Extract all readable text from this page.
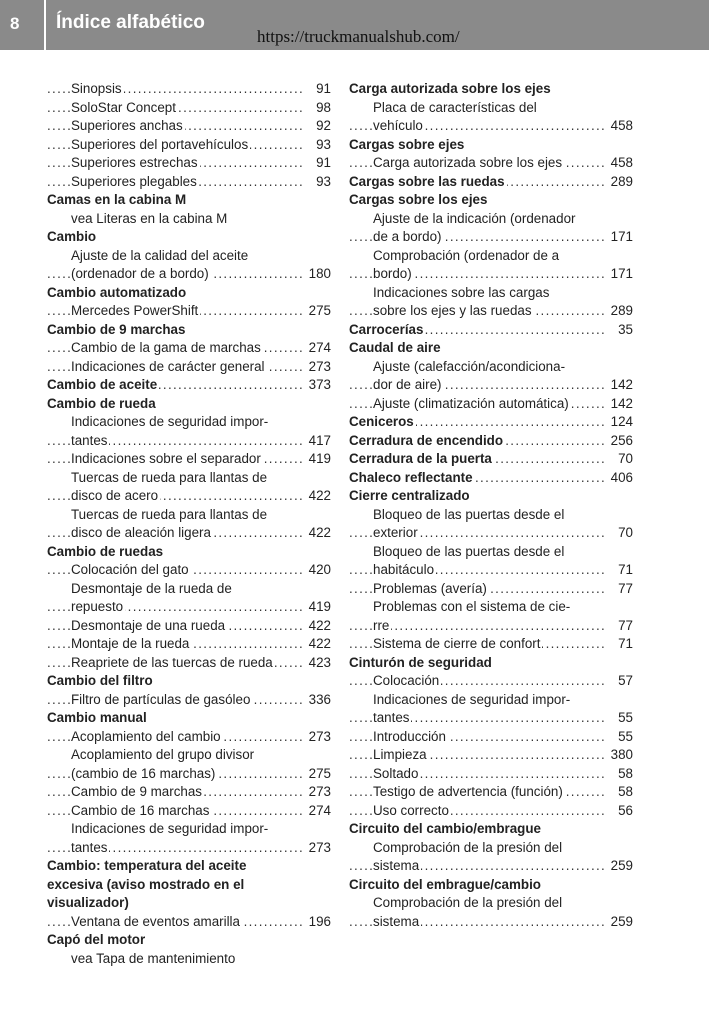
8 Índice alfabético
https://truckmanualshub.com/
. . . Sinopsis	91
. . . SoloStar Concept	98
. . . Superiores anchas	92
. . . Superiores del portavehículos	93
. . . Superiores estrechas	91
. . . Superiores plegables	93
Camas en la cabina M
vea Literas en la cabina M
Cambio
Ajuste de la calidad del aceite
. . . (ordenador de a bordo)	180
Cambio automatizado
. . . Mercedes PowerShift	275
Cambio de 9 marchas
. . . Cambio de la gama de marchas	274
. . . Indicaciones de carácter general	273
. . . Cambio de aceite	373
Cambio de rueda
Indicaciones de seguridad impor-
. . . tantes	417
. . . Indicaciones sobre el separador	419
Tuercas de rueda para llantas de
. . . disco de acero	422
Tuercas de rueda para llantas de
. . . disco de aleación ligera	422
Cambio de ruedas
. . . Colocación del gato	420
Desmontaje de la rueda de
. . . repuesto	419
. . . Desmontaje de una rueda	422
. . . Montaje de la rueda	422
. . . Reapriete de las tuercas de rueda	423
Cambio del filtro
. . . Filtro de partículas de gasóleo	336
Cambio manual
. . . Acoplamiento del cambio	273
Acoplamiento del grupo divisor
. . . (cambio de 16 marchas)	275
. . . Cambio de 9 marchas	273
. . . Cambio de 16 marchas	274
Indicaciones de seguridad impor-
. . . tantes	273
Cambio: temperatura del aceite
excesiva (aviso mostrado en el
visualizador)
. . . Ventana de eventos amarilla	196
Capó del motor
vea Tapa de mantenimiento
Carga autorizada sobre los ejes
Placa de características del
. . . vehículo	458
Cargas sobre ejes
. . . Carga autorizada sobre los ejes	458
. . . Cargas sobre las ruedas	289
Cargas sobre los ejes
Ajuste de la indicación (ordenador
. . . de a bordo)	171
Comprobación (ordenador de a
. . . bordo)	171
Indicaciones sobre las cargas
. . . sobre los ejes y las ruedas	289
. . . Carrocerías	35
Caudal de aire
Ajuste (calefacción/acondiciona-
. . . dor de aire)	142
. . . Ajuste (climatización automática)	142
. . . Ceniceros	124
. . . Cerradura de encendido	256
. . . Cerradura de la puerta	70
. . . Chaleco reflectante	406
Cierre centralizado
Bloqueo de las puertas desde el
. . . exterior	70
Bloqueo de las puertas desde el
. . . habitáculo	71
. . . Problemas (avería)	77
Problemas con el sistema de cie-
. . . rre	77
. . . Sistema de cierre de confort	71
Cinturón de seguridad
. . . Colocación	57
Indicaciones de seguridad impor-
. . . tantes	55
. . . Introducción	55
. . . Limpieza	380
. . . Soltado	58
. . . Testigo de advertencia (función)	58
. . . Uso correcto	56
Circuito del cambio/embrague
Comprobación de la presión del
. . . sistema	259
Circuito del embrague/cambio
Comprobación de la presión del
. . . sistema	259
